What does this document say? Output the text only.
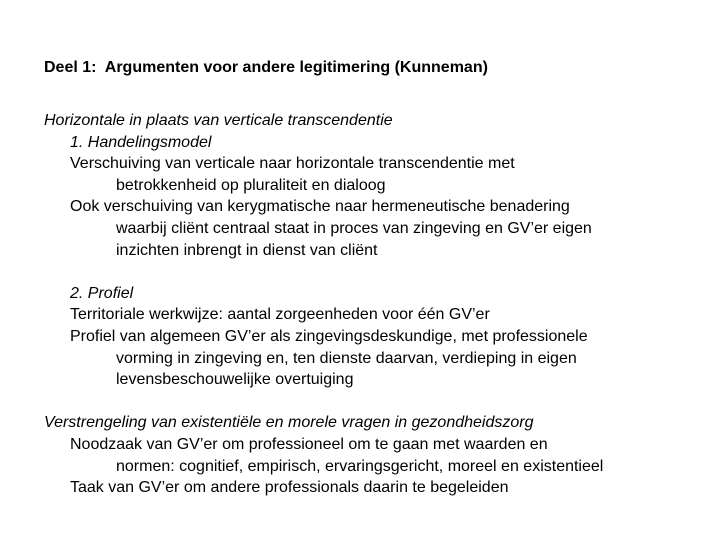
Deel 1:  Argumenten voor andere legitimering (Kunneman)
Horizontale in plaats van verticale transcendentie
1. Handelingsmodel
Verschuiving van verticale naar horizontale transcendentie met
betrokkenheid op pluraliteit en dialoog
Ook verschuiving van kerygmatische naar hermeneutische benadering
waarbij cliënt centraal staat in proces van zingeving en GV’er eigen
inzichten inbrengt in dienst van cliënt
2. Profiel
Territoriale werkwijze: aantal zorgeenheden voor één GV’er
Profiel van algemeen GV’er als zingevingsdeskundige, met professionele
vorming in zingeving en, ten dienste daarvan, verdieping in eigen
levensbeschouwelijke overtuiging
Verstrengeling van existentiële en morele vragen in gezondheidszorg
Noodzaak van GV’er om professioneel om te gaan met waarden en
normen: cognitief, empirisch, ervaringsgericht, moreel en existentieel
Taak van GV’er om andere professionals daarin te begeleiden
